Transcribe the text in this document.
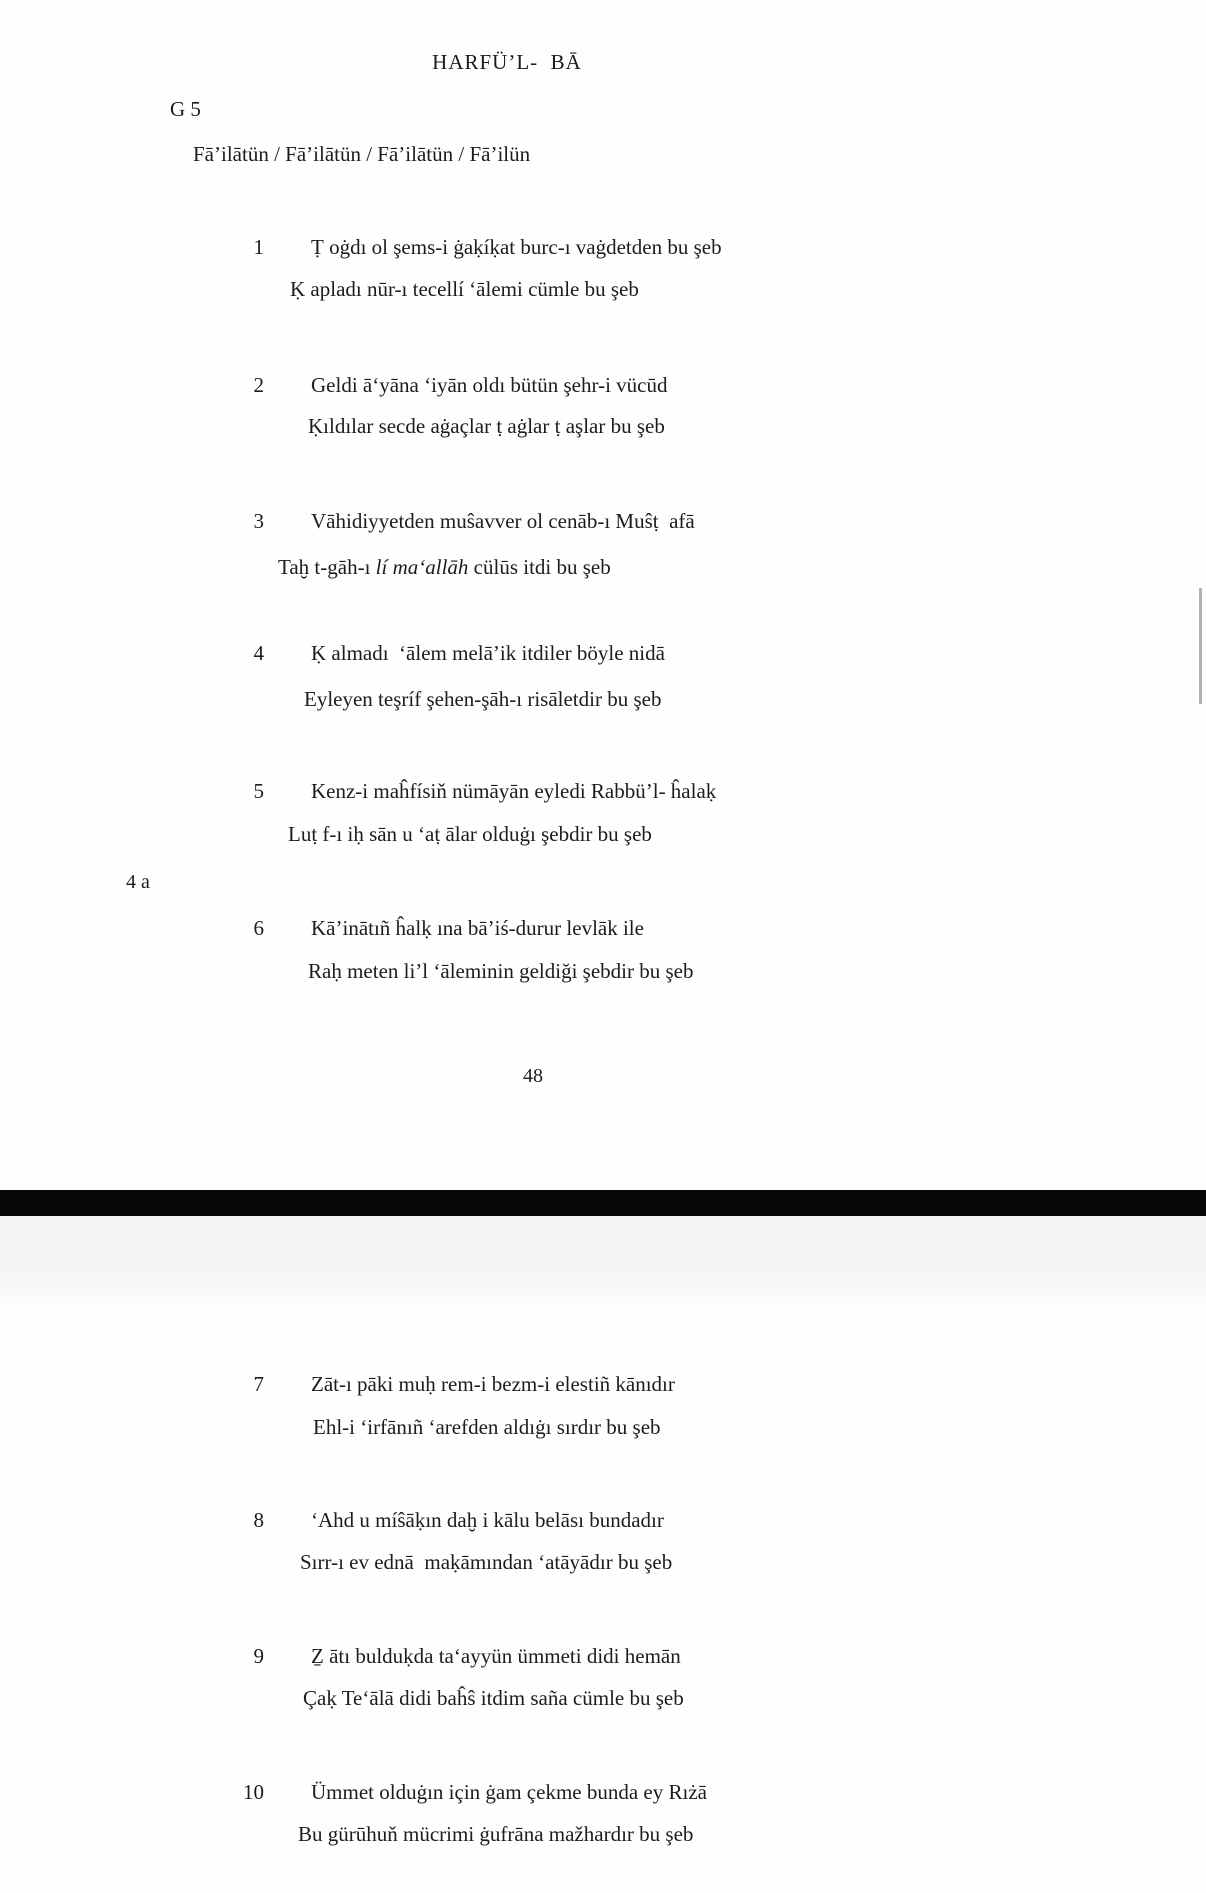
HARFÜ’L-  BĀ
G 5
Fā’ilātün / Fā’ilātün / Fā’ilātün / Fā’ilün
1 Ṭ oġdı ol şems-i ġaḳíḳat burc-ı vaġdetden bu şeb
Ḳ apladı nūr-ı tecellí ‘ālemi cümle bu şeb
2 Geldi ā‘yāna ‘iyān oldı bütün şehr-i vücūd
Ḳıldılar secde aġaçlar ṭ aġlar ṭ aşlar bu şeb
3 Vāhidiyyetden muŝavver ol cenāb-ı Muŝṭ  afā
Taḫ t-gāh-ı lí ma‘allāh cülūs itdi bu şeb
4 Ḳ almadı  ‘ālem melā’ik itdiler böyle nidā
Eyleyen teşríf şehen-şāh-ı risāletdir bu şeb
5 Kenz-i maĥfísiň nümāyān eyledi Rabbü’l- ĥalaḳ
Luṭ f-ı iḥ sān u ‘aṭ ālar olduġı şebdir bu şeb
4 a
6 Kā’inātıñ ĥalḳ ına bā’iś-durur levlāk ile
Raḥ meten li’l ‘āleminin geldiği şebdir bu şeb
48
7 Zāt-ı pāki muḥ rem-i bezm-i elestiñ kānıdır
Ehl-i ‘irfānıñ ‘arefden aldıġı sırdır bu şeb
8 ‘Ahd u míŝāḳın daḫ i kālu belāsı bundadır
Sırr-ı ev ednā  maḳāmından ‘atāyādır bu şeb
9 Ẕ ātı bulduḳda ta‘ayyün ümmeti didi hemān
Çaḳ Te‘ālā didi baĥŝ itdim saña cümle bu şeb
10 Ümmet olduġın için ġam çekme bunda ey Rıżā
Bu gürūhuň mücrimi ġufrāna mažhardır bu şeb
